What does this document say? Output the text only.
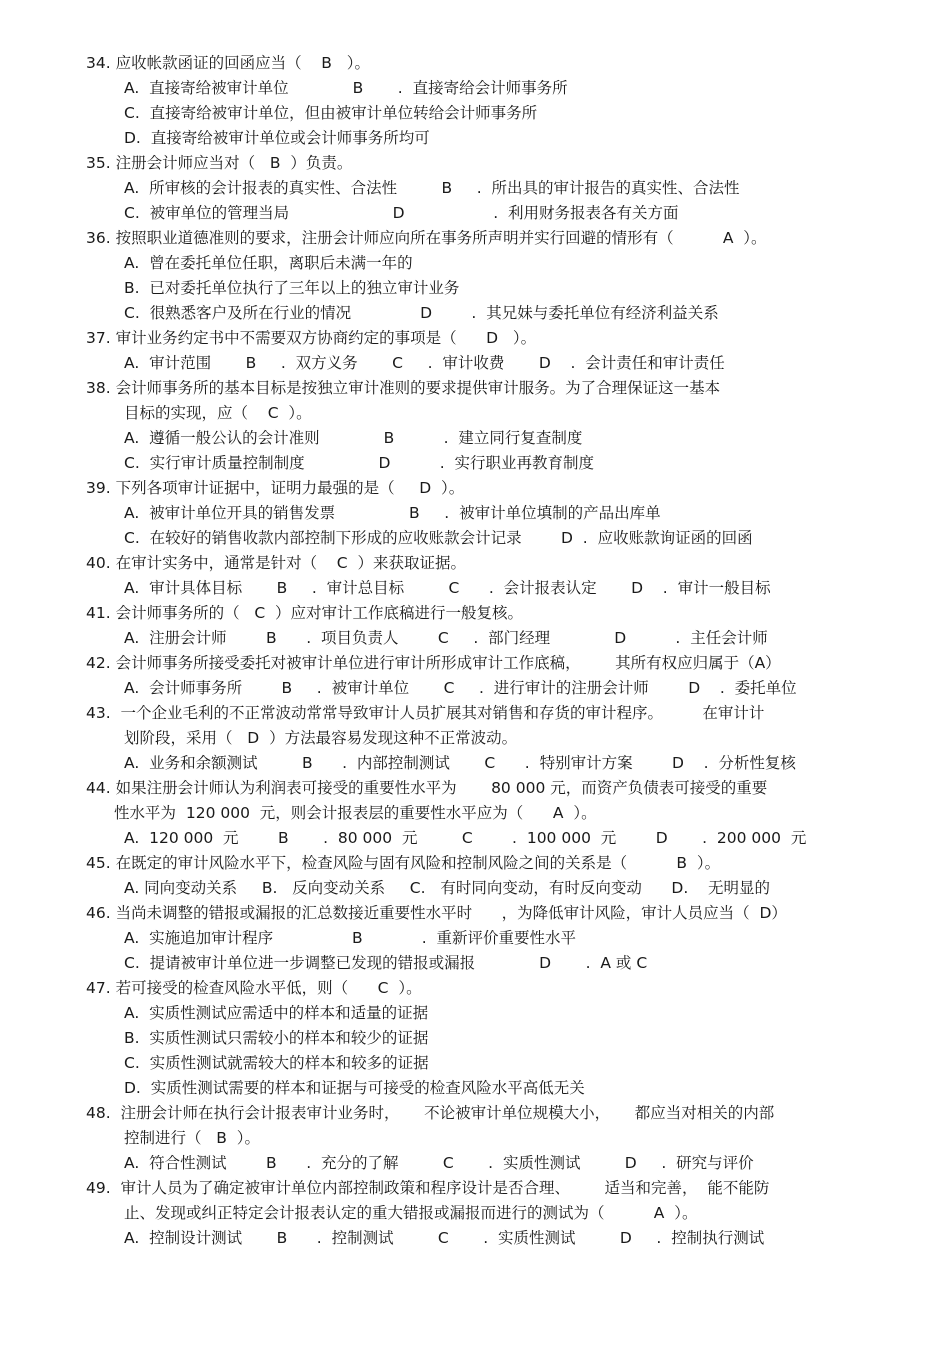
34. 应收帐款函证的回函应当（    B   ）。
A.  直接寄给被审计单位             B       .  直接寄给会计师事务所
C.  直接寄给被审计单位，但由被审计单位转给会计师事务所
D.  直接寄给被审计单位或会计师事务所均可
35. 注册会计师应当对（   B  ）负责。
A.  所审核的会计报表的真实性、合法性         B     .  所出具的审计报告的真实性、合法性
C.  被审单位的管理当局                     D                  .  利用财务报表各有关方面
36. 按照职业道德准则的要求，注册会计师应向所在事务所声明并实行回避的情形有（          A  ）。
A.  曾在委托单位任职，离职后未满一年的
B.  已对委托单位执行了三年以上的独立审计业务
C.  很熟悉客户及所在行业的情况              D        .  其兄妹与委托单位有经济利益关系
37. 审计业务约定书中不需要双方协商约定的事项是（      D   ）。
A.  审计范围       B     .  双方义务       C     .  审计收费       D    .  会计责任和审计责任
38. 会计师事务所的基本目标是按独立审计准则的要求提供审计服务。为了合理保证这一基本
目标的实现，应（    C  ）。
A.  遵循一般公认的会计准则             B          .  建立同行复查制度
C.  实行审计质量控制制度               D          .  实行职业再教育制度
39. 下列各项审计证据中，证明力最强的是（     D  ）。
A.  被审计单位开具的销售发票               B     .  被审计单位填制的产品出库单
C.  在较好的销售收款内部控制下形成的应收账款会计记录        D  .  应收账款询证函的回函
40. 在审计实务中，通常是针对（    C  ）来获取证据。
A.  审计具体目标       B     .  审计总目标         C      .  会计报表认定       D    .  审计一般目标
41. 会计师事务所的（   C  ）应对审计工作底稿进行一般复核。
A.  注册会计师        B      .  项目负责人        C     .  部门经理             D          .  主任会计师
42. 会计师事务所接受委托对被审计单位进行审计所形成审计工作底稿，       其所有权应归属于（A）
A.  会计师事务所        B     .  被审计单位       C     .  进行审计的注册会计师        D    .  委托单位
43.  一个企业毛利的不正常波动常常导致审计人员扩展其对销售和存货的审计程序。        在审计计
划阶段，采用（   D  ）方法最容易发现这种不正常波动。
A.  业务和余额测试         B      .  内部控制测试       C      .  特别审计方案        D    .  分析性复核
44. 如果注册会计师认为利润表可接受的重要性水平为       80 000 元，而资产负债表可接受的重要
性水平为  120 000  元，则会计报表层的重要性水平应为（      A  ）。
A.  120 000  元        B       .  80 000  元         C        .  100 000  元        D       .  200 000  元
45. 在既定的审计风险水平下，检查风险与固有风险和控制风险之间的关系是（          B  ）。
A. 同向变动关系     B.   反向变动关系     C.   有时同向变动，有时反向变动      D.    无明显的
46. 当尚未调整的错报或漏报的汇总数接近重要性水平时      ，为降低审计风险，审计人员应当（  D）
A.  实施追加审计程序                B            .  重新评价重要性水平
C.  提请被审计单位进一步调整已发现的错报或漏报             D       .  A 或 C
47. 若可接受的检查风险水平低，则（      C  ）。
A.  实质性测试应需适中的样本和适量的证据
B.  实质性测试只需较小的样本和较少的证据
C.  实质性测试就需较大的样本和较多的证据
D.  实质性测试需要的样本和证据与可接受的检查风险水平高低无关
48.  注册会计师在执行会计报表审计业务时，     不论被审计单位规模大小，     都应当对相关的内部
控制进行（   B  ）。
A.  符合性测试        B      .  充分的了解         C       .  实质性测试         D     .  研究与评价
49.  审计人员为了确定被审计单位内部控制政策和程序设计是否合理、       适当和完善，  能不能防
止、发现或纠正特定会计报表认定的重大错报或漏报而进行的测试为（          A  ）。
A.  控制设计测试       B      .  控制测试         C       .  实质性测试         D     .  控制执行测试
